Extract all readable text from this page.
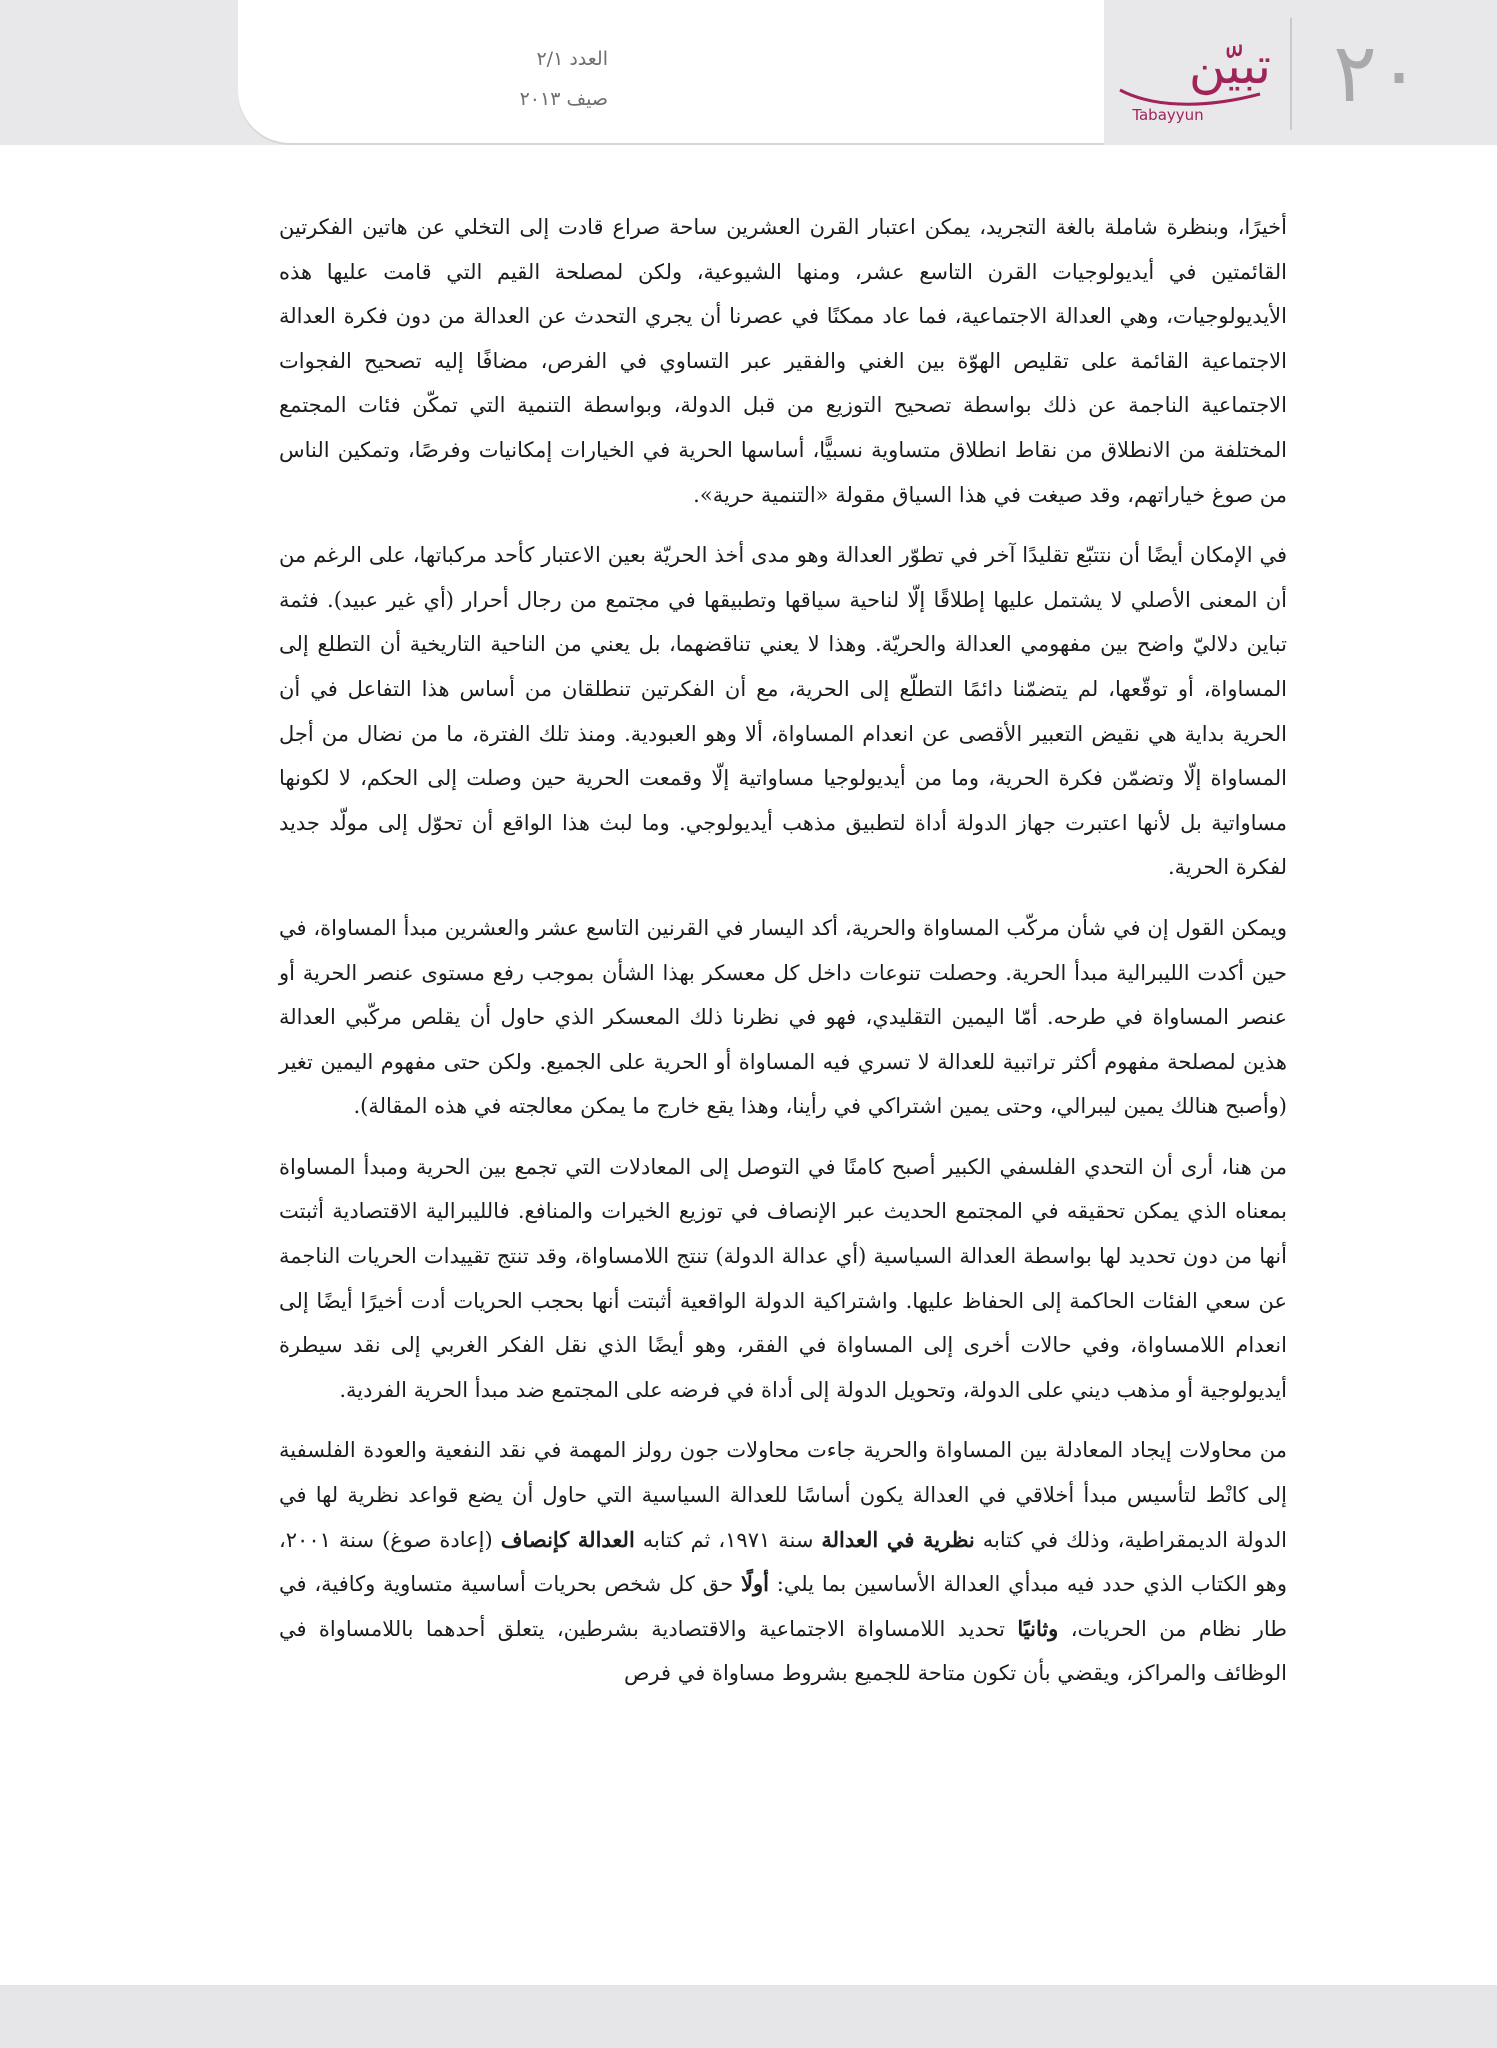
العدد ٢/١
صيف ٢٠١٣
تبيّن
Tabayyun	٢٠

أخيرًا، وبنظرة شاملة بالغة التجريد، يمكن اعتبار القرن العشرين ساحة صراع قادت إلى التخلي عن هاتين الفكرتين القائمتين في أيديولوجيات القرن التاسع عشر، ومنها الشيوعية، ولكن لمصلحة القيم التي قامت عليها هذه الأيديولوجيات، وهي العدالة الاجتماعية، فما عاد ممكنًا في عصرنا أن يجري التحدث عن العدالة من دون فكرة العدالة الاجتماعية القائمة على تقليص الهوّة بين الغني والفقير عبر التساوي في الفرص، مضافًا إليه تصحيح الفجوات الاجتماعية الناجمة عن ذلك بواسطة تصحيح التوزيع من قبل الدولة، وبواسطة التنمية التي تمكّن فئات المجتمع المختلفة من الانطلاق من نقاط انطلاق متساوية نسبيًّا، أساسها الحرية في الخيارات إمكانيات وفرصًا، وتمكين الناس من صوغ خياراتهم، وقد صيغت في هذا السياق مقولة «التنمية حرية».

في الإمكان أيضًا أن نتتبّع تقليدًا آخر في تطوّر العدالة وهو مدى أخذ الحريّة بعين الاعتبار كأحد مركباتها، على الرغم من أن المعنى الأصلي لا يشتمل عليها إطلاقًا إلّا لناحية سياقها وتطبيقها في مجتمع من رجال أحرار (أي غير عبيد). فثمة تباين دلاليّ واضح بين مفهومي العدالة والحريّة. وهذا لا يعني تناقضهما، بل يعني من الناحية التاريخية أن التطلع إلى المساواة، أو توقّعها، لم يتضمّنا دائمًا التطلّع إلى الحرية، مع أن الفكرتين تنطلقان من أساس هذا التفاعل في أن الحرية بداية هي نقيض التعبير الأقصى عن انعدام المساواة، ألا وهو العبودية. ومنذ تلك الفترة، ما من نضال من أجل المساواة إلّا وتضمّن فكرة الحرية، وما من أيديولوجيا مساواتية إلّا وقمعت الحرية حين وصلت إلى الحكم، لا لكونها مساواتية بل لأنها اعتبرت جهاز الدولة أداة لتطبيق مذهب أيديولوجي. وما لبث هذا الواقع أن تحوّل إلى مولّد جديد لفكرة الحرية.

ويمكن القول إن في شأن مركّب المساواة والحرية، أكد اليسار في القرنين التاسع عشر والعشرين مبدأ المساواة، في حين أكدت الليبرالية مبدأ الحرية. وحصلت تنوعات داخل كل معسكر بهذا الشأن بموجب رفع مستوى عنصر الحرية أو عنصر المساواة في طرحه. أمّا اليمين التقليدي، فهو في نظرنا ذلك المعسكر الذي حاول أن يقلص مركّبي العدالة هذين لمصلحة مفهوم أكثر تراتبية للعدالة لا تسري فيه المساواة أو الحرية على الجميع. ولكن حتى مفهوم اليمين تغير (وأصبح هنالك يمين ليبرالي، وحتى يمين اشتراكي في رأينا، وهذا يقع خارج ما يمكن معالجته في هذه المقالة).

من هنا، أرى أن التحدي الفلسفي الكبير أصبح كامنًا في التوصل إلى المعادلات التي تجمع بين الحرية ومبدأ المساواة بمعناه الذي يمكن تحقيقه في المجتمع الحديث عبر الإنصاف في توزيع الخيرات والمنافع. فالليبرالية الاقتصادية أثبتت أنها من دون تحديد لها بواسطة العدالة السياسية (أي عدالة الدولة) تنتج اللامساواة، وقد تنتج تقييدات الحريات الناجمة عن سعي الفئات الحاكمة إلى الحفاظ عليها. واشتراكية الدولة الواقعية أثبتت أنها بحجب الحريات أدت أخيرًا أيضًا إلى انعدام اللامساواة، وفي حالات أخرى إلى المساواة في الفقر، وهو أيضًا الذي نقل الفكر الغربي إلى نقد سيطرة أيديولوجية أو مذهب ديني على الدولة، وتحويل الدولة إلى أداة في فرضه على المجتمع ضد مبدأ الحرية الفردية.

من محاولات إيجاد المعادلة بين المساواة والحرية جاءت محاولات جون رولز المهمة في نقد النفعية والعودة الفلسفية إلى كانْط لتأسيس مبدأ أخلاقي في العدالة يكون أساسًا للعدالة السياسية التي حاول أن يضع قواعد نظرية لها في الدولة الديمقراطية، وذلك في كتابه نظرية في العدالة سنة ١٩٧١، ثم كتابه العدالة كإنصاف (إعادة صوغ) سنة ٢٠٠١، وهو الكتاب الذي حدد فيه مبدأي العدالة الأساسين بما يلي: أولًا حق كل شخص بحريات أساسية متساوية وكافية، في طار نظام من الحريات، وثانيًا تحديد اللامساواة الاجتماعية والاقتصادية بشرطين، يتعلق أحدهما باللامساواة في الوظائف والمراكز، ويقضي بأن تكون متاحة للجميع بشروط مساواة في فرص
